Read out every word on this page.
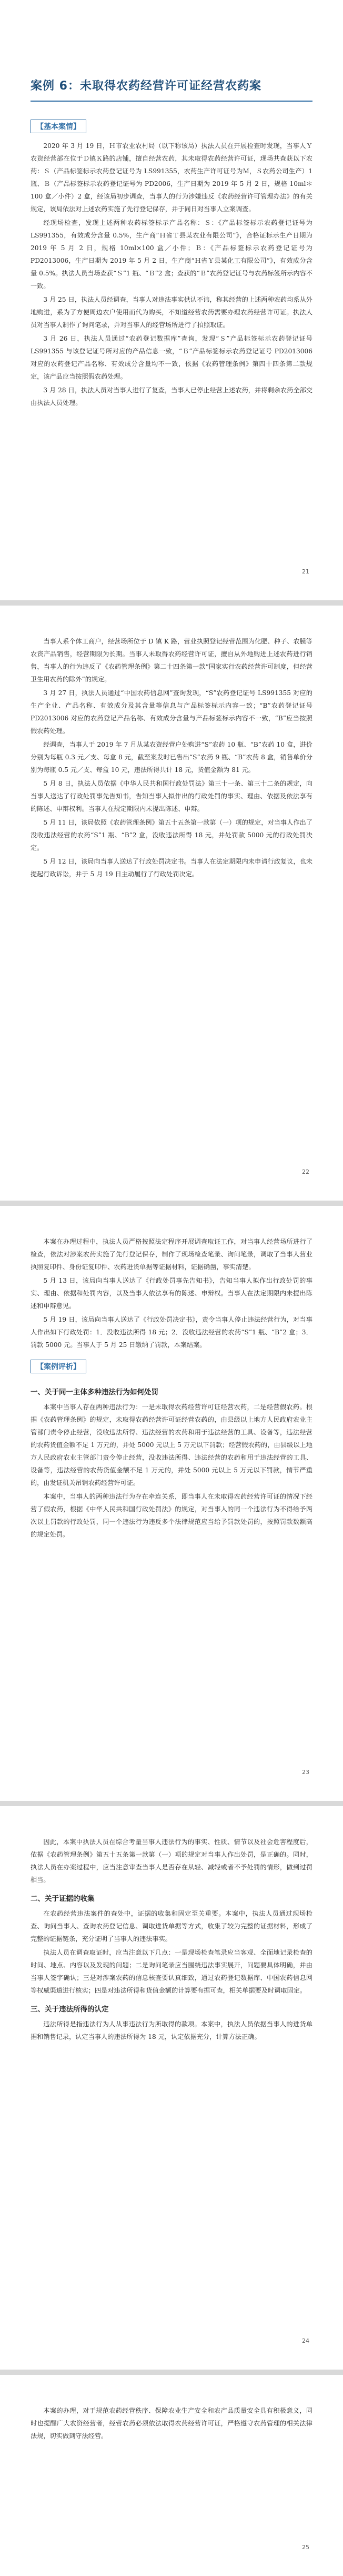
案例 6：未取得农药经营许可证经营农药案
【基本案情】

2020 年 3 月 19 日，Ｈ市农业农村局（以下称该局）执法人员在开展检查时发现，当事人Ｙ农资经营部在位于Ｄ镇Ｋ路的店铺，擅自经营农药，其未取得农药经营许可证，现场共查获以下农药：Ｓ（产品标签标示农药登记证号为 LS991355，农药生产许可证号为Ｍ，Ｓ农药公司生产）1 瓶、Ｂ（产品标签标示农药登记证号为 PD2006，生产日期为 2019 年 5 月 2 日，规格 10ml＊100 盒／小件）2 盒，经该局初步调查，当事人的行为涉嫌违反《农药经营许可管理办法》的有关规定，该局依法对上述农药实施了先行登记保存，并于同日对当事人立案调查。

经现场检查，发现上述两种农药标签标示产品名称：Ｓ：《产品标签标示农药登记证号为 LS991355，有效成分含量 0.5%，生产商“Ｈ省Ｔ县某农业有限公司”》，合格证标示生产日期为 2019 年 5 月 2 日，规格 10ml×100 盒／小件；Ｂ：《产品标签标示农药登记证号为 PD2013006，生产日期为 2019 年 5 月 2 日，生产商“Ｈ省Ｙ县某化工有限公司”》，有效成分含量 0.5%。执法人员当场查获“Ｓ”1 瓶、“Ｂ”2 盒；查获的“Ｂ”农药登记证号与农药标签所示内容不一致。

3 月 25 日，执法人员经调查，当事人对违法事实供认不讳，称其经营的上述两种农药均系从外地购进，系为了方便周边农户使用而代为购买，不知道经营农药需要办理农药经营许可证。执法人员对当事人制作了询问笔录，并对当事人的经营场所进行了拍照取证。

3 月 26 日，执法人员通过“农药登记数据库”查询，发现“Ｓ”产品标签标示农药登记证号 LS991355 与该登记证号所对应的产品信息一致，“Ｂ”产品标签标示农药登记证号 PD2013006 对应的农药登记产品名称、有效成分含量均不一致，依据《农药管理条例》第四十四条第二款规定，该产品应当按照假农药处理。

3 月 28 日，执法人员对当事人进行了复查，当事人已停止经营上述农药，并将剩余农药全部交由执法人员处理。

21

当事人系个体工商户，经营场所位于 D 镇 K 路，营业执照登记经营范围为化肥、种子、农膜等农资产品销售，经营期限为长期。当事人未取得农药经营许可证，擅自从外地购进上述农药进行销售，当事人的行为违反了《农药管理条例》第二十四条第一款“国家实行农药经营许可制度，但经营卫生用农药的除外”的规定。

3 月 27 日，执法人员通过“中国农药信息网”查询发现，“S”农药登记证号 LS991355 对应的生产企业、产品名称、有效成分及其含量等信息与产品标签标示内容一致；“B”农药登记证号 PD2013006 对应的农药登记产品名称、有效成分含量与产品标签标示内容不一致，“B”应当按照假农药处理。

经调查，当事人于 2019 年 7 月从某农资经营户处购进“S”农药 10 瓶、“B”农药 10 盒，进价分别为每瓶 0.3 元／支、每盒 8 元，截至案发时已售出“S”农药 9 瓶、“B”农药 8 盒，销售单价分别为每瓶 0.5 元／支、每盒 10 元，违法所得共计 18 元，货值金额为 81 元。

5 月 8 日，执法人员依据《中华人民共和国行政处罚法》第三十一条、第三十二条的规定，向当事人送达了行政处罚事先告知书，告知当事人拟作出的行政处罚的事实、理由、依据及依法享有的陈述、申辩权利。当事人在规定期限内未提出陈述、申辩。

5 月 11 日，该局依照《农药管理条例》第五十五条第一款第（一）项的规定，对当事人作出了没收违法经营的农药“S”1 瓶、“B”2 盒，没收违法所得 18 元，并处罚款 5000 元的行政处罚决定。

5 月 12 日，该局向当事人送达了行政处罚决定书。当事人在法定期限内未申请行政复议，也未提起行政诉讼，并于 5 月 19 日主动履行了行政处罚决定。

22

本案在办理过程中，执法人员严格按照法定程序开展调查取证工作，对当事人经营场所进行了检查，依法对涉案农药实施了先行登记保存，制作了现场检查笔录、询问笔录，调取了当事人营业执照复印件、身份证复印件、农药进货单据等证据材料，证据确凿，事实清楚。

5 月 13 日，该局向当事人送达了《行政处罚事先告知书》，告知当事人拟作出行政处罚的事实、理由、依据和处罚内容，以及当事人依法享有的陈述、申辩权。当事人在法定期限内未提出陈述和申辩意见。

5 月 19 日，该局向当事人送达了《行政处罚决定书》，责令当事人停止违法经营行为，对当事人作出如下行政处罚：1．没收违法所得 18 元；2．没收违法经营的农药“S”1 瓶、“B”2 盒；3．罚款 5000 元。当事人于 5 月 25 日缴纳了罚款，本案结案。

【案例评析】
一、关于同一主体多种违法行为如何处罚

本案中当事人存在两种违法行为：一是未取得农药经营许可证经营农药，二是经营假农药。根据《农药管理条例》的规定，未取得农药经营许可证经营农药的，由县级以上地方人民政府农业主管部门责令停止经营，没收违法所得、违法经营的农药和用于违法经营的工具、设备等，违法经营的农药货值金额不足 1 万元的，并处 5000 元以上 5 万元以下罚款；经营假农药的，由县级以上地方人民政府农业主管部门责令停止经营，没收违法所得、违法经营的农药和用于违法经营的工具、设备等，违法经营的农药货值金额不足 1 万元的，并处 5000 元以上 5 万元以下罚款，情节严重的，由发证机关吊销农药经营许可证。

本案中，当事人的两种违法行为存在牵连关系，即当事人在未取得农药经营许可证的情况下经营了假农药，根据《中华人民共和国行政处罚法》的规定，对当事人的同一个违法行为不得给予两次以上罚款的行政处罚，同一个违法行为违反多个法律规范应当给予罚款处罚的，按照罚款数额高的规定处罚。

23

因此，本案中执法人员在综合考量当事人违法行为的事实、性质、情节以及社会危害程度后，依据《农药管理条例》第五十五条第一款第（一）项的规定对当事人作出处罚，是正确的。同时，执法人员在办案过程中，应当注意审查当事人是否存在从轻、减轻或者不予处罚的情形，做到过罚相当。

二、关于证据的收集

在农药经营违法案件的查处中，证据的收集和固定至关重要。本案中，执法人员通过现场检查、询问当事人、查询农药登记信息、调取进货单据等方式，收集了较为完整的证据材料，形成了完整的证据链条，充分证明了当事人的违法事实。

执法人员在调查取证时，应当注意以下几点：一是现场检查笔录应当客观、全面地记录检查的时间、地点、内容以及发现的问题；二是询问笔录应当围绕违法事实展开，问题要具体明确，并由当事人签字确认；三是对涉案农药的信息核查要认真细致，通过农药登记数据库、中国农药信息网等权威渠道进行核实；四是对违法所得和货值金额的计算要有据可查，相关单据要及时调取固定。

三、关于违法所得的认定

违法所得是指违法行为人从事违法行为所取得的款项。本案中，执法人员依据当事人的进货单据和销售记录，认定当事人的违法所得为 18 元，认定依据充分，计算方法正确。

24

本案的办理，对于规范农药经营秩序、保障农业生产安全和农产品质量安全具有积极意义，同时也提醒广大农资经营者，经营农药必须依法取得农药经营许可证，严格遵守农药管理的相关法律法规，切实做到守法经营。

25
